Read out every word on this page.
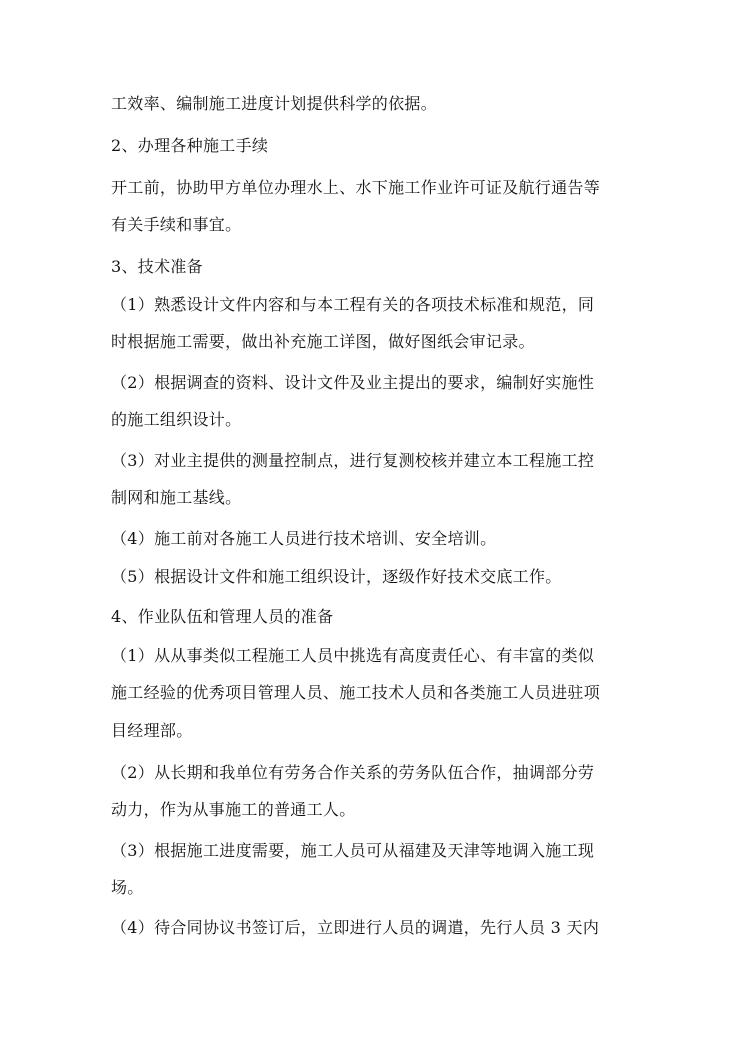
工效率、编制施工进度计划提供科学的依据。
2、办理各种施工手续
开工前，协助甲方单位办理水上、水下施工作业许可证及航行通告等
有关手续和事宜。
3、技术准备
（1）熟悉设计文件内容和与本工程有关的各项技术标准和规范，同
时根据施工需要，做出补充施工详图，做好图纸会审记录。
（2）根据调查的资料、设计文件及业主提出的要求，编制好实施性
的施工组织设计。
（3）对业主提供的测量控制点，进行复测校核并建立本工程施工控
制网和施工基线。
（4）施工前对各施工人员进行技术培训、安全培训。
（5）根据设计文件和施工组织设计，逐级作好技术交底工作。
4、作业队伍和管理人员的准备
（1）从从事类似工程施工人员中挑选有高度责任心、有丰富的类似
施工经验的优秀项目管理人员、施工技术人员和各类施工人员进驻项
目经理部。
（2）从长期和我单位有劳务合作关系的劳务队伍合作，抽调部分劳
动力，作为从事施工的普通工人。
（3）根据施工进度需要，施工人员可从福建及天津等地调入施工现
场。
（4）待合同协议书签订后，立即进行人员的调遣，先行人员 3 天内
